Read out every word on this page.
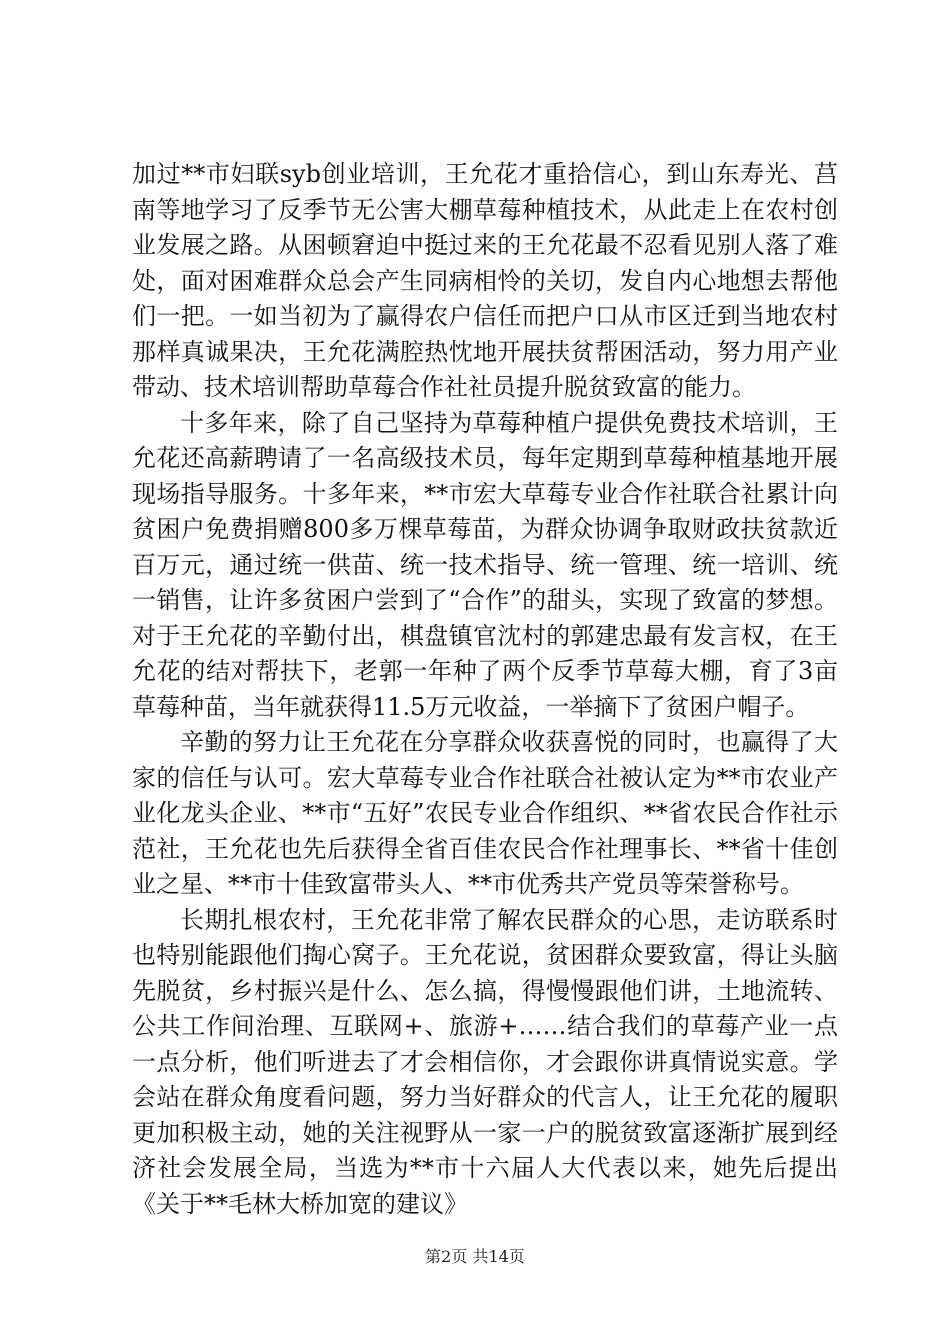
加过**市妇联syb创业培训，王允花才重拾信心，到山东寿光、莒南等地学习了反季节无公害大棚草莓种植技术，从此走上在农村创业发展之路。从困顿窘迫中挺过来的王允花最不忍看见别人落了难处，面对困难群众总会产生同病相怜的关切，发自内心地想去帮他们一把。一如当初为了赢得农户信任而把户口从市区迁到当地农村那样真诚果决，王允花满腔热忱地开展扶贫帮困活动，努力用产业带动、技术培训帮助草莓合作社社员提升脱贫致富的能力。

十多年来，除了自己坚持为草莓种植户提供免费技术培训，王允花还高薪聘请了一名高级技术员，每年定期到草莓种植基地开展现场指导服务。十多年来，**市宏大草莓专业合作社联合社累计向贫困户免费捐赠800多万棵草莓苗，为群众协调争取财政扶贫款近百万元，通过统一供苗、统一技术指导、统一管理、统一培训、统一销售，让许多贫困户尝到了“合作”的甜头，实现了致富的梦想。对于王允花的辛勤付出，棋盘镇官沈村的郭建忠最有发言权，在王允花的结对帮扶下，老郭一年种了两个反季节草莓大棚，育了3亩草莓种苗，当年就获得11.5万元收益，一举摘下了贫困户帽子。

辛勤的努力让王允花在分享群众收获喜悦的同时，也赢得了大家的信任与认可。宏大草莓专业合作社联合社被认定为**市农业产业化龙头企业、**市“五好”农民专业合作组织、**省农民合作社示范社，王允花也先后获得全省百佳农民合作社理事长、**省十佳创业之星、**市十佳致富带头人、**市优秀共产党员等荣誉称号。

长期扎根农村，王允花非常了解农民群众的心思，走访联系时也特别能跟他们掏心窝子。王允花说，贫困群众要致富，得让头脑先脱贫，乡村振兴是什么、怎么搞，得慢慢跟他们讲，土地流转、公共工作间治理、互联网+、旅游+……结合我们的草莓产业一点一点分析，他们听进去了才会相信你，才会跟你讲真情说实意。学会站在群众角度看问题，努力当好群众的代言人，让王允花的履职更加积极主动，她的关注视野从一家一户的脱贫致富逐渐扩展到经济社会发展全局，当选为**市十六届人大代表以来，她先后提出《关于**毛林大桥加宽的建议》

第2页 共14页
